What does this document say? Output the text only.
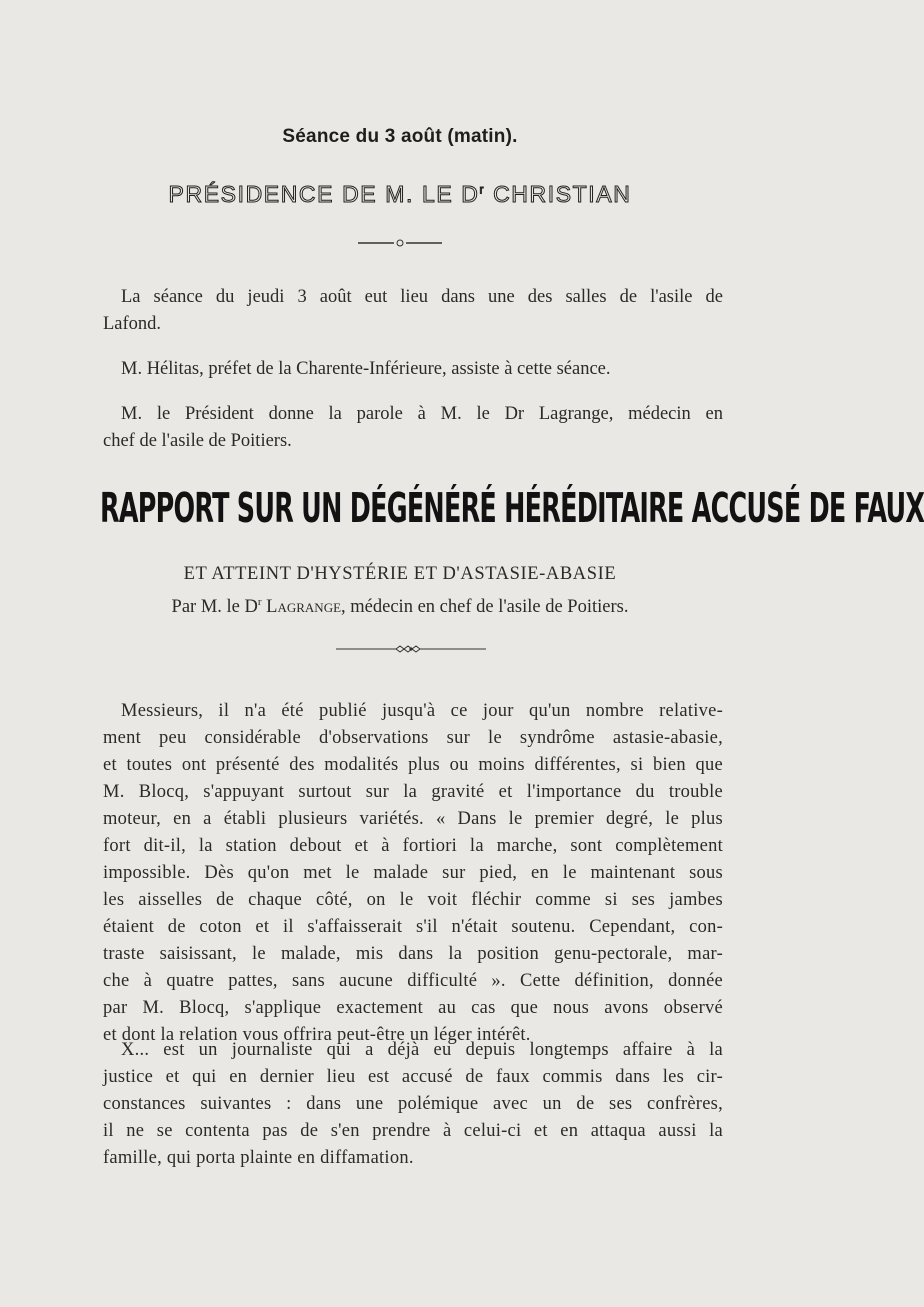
Séance du 3 août (matin).
PRÉSIDENCE DE M. LE $D^r$ CHRISTIAN
La séance du jeudi 3 août eut lieu dans une des salles de l'asile de
Lafond.
M. Hélitas, préfet de la Charente-Inférieure, assiste à cette séance.
M. le Président donne la parole à M. le Dr Lagrange, médecin en
chef de l'asile de Poitiers.
RAPPORT SUR UN DÉGÉNÉRÉ HÉRÉDITAIRE ACCUSÉ DE FAUX
ET ATTEINT D'HYSTÉRIE ET D'ASTASIE-ABASIE
Par M. le $D^r$ Lagrange, médecin en chef de l'asile de Poitiers.
Messieurs, il n'a été publié jusqu'à ce jour qu'un nombre relative-
ment peu considérable d'observations sur le syndrôme astasie-abasie,
et toutes ont présenté des modalités plus ou moins différentes, si bien que
M. Blocq, s'appuyant surtout sur la gravité et l'importance du trouble
moteur, en a établi plusieurs variétés. « Dans le premier degré, le plus
fort dit-il, la station debout et à fortiori la marche, sont complètement
impossible. Dès qu'on met le malade sur pied, en le maintenant sous
les aisselles de chaque côté, on le voit fléchir comme si ses jambes
étaient de coton et il s'affaisserait s'il n'était soutenu. Cependant, con-
traste saisissant, le malade, mis dans la position genu-pectorale, mar-
che à quatre pattes, sans aucune difficulté ». Cette définition, donnée
par M. Blocq, s'applique exactement au cas que nous avons observé
et dont la relation vous offrira peut-être un léger intérêt.
X... est un journaliste qui a déjà eu depuis longtemps affaire à la
justice et qui en dernier lieu est accusé de faux commis dans les cir-
constances suivantes : dans une polémique avec un de ses confrères,
il ne se contenta pas de s'en prendre à celui-ci et en attaqua aussi la
famille, qui porta plainte en diffamation.
